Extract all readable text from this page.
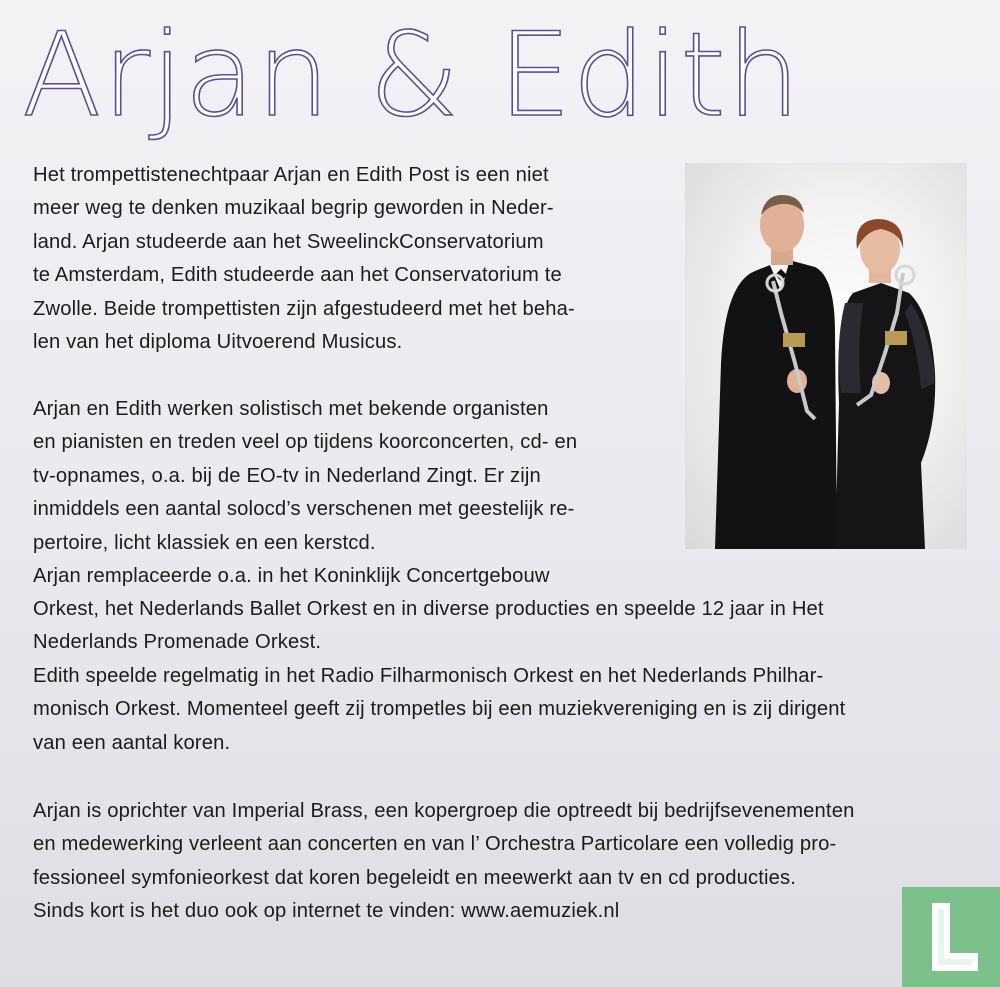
Arjan & Edith
Het trompettistenechtpaar Arjan en Edith Post is een niet
meer weg te denken muzikaal begrip geworden in Neder-
land. Arjan studeerde aan het SweelinckConservatorium
te Amsterdam, Edith studeerde aan het Conservatorium te
Zwolle. Beide trompettisten zijn afgestudeerd met het beha-
len van het diploma Uitvoerend Musicus.
Arjan en Edith werken solistisch met bekende organisten
en pianisten en treden veel op tijdens koorconcerten, cd- en
tv-opnames, o.a. bij de EO-tv in Nederland Zingt. Er zijn
inmiddels een aantal solocd’s verschenen met geestelijk re-
pertoire, licht klassiek en een kerstcd.
Arjan remplaceerde o.a. in het Koninklijk Concertgebouw
Orkest, het Nederlands Ballet Orkest en in diverse producties en speelde 12 jaar in Het
Nederlands Promenade Orkest.
Edith speelde regelmatig in het Radio Filharmonisch Orkest en het Nederlands Philhar-
monisch Orkest. Momenteel geeft zij trompetles bij een muziekvereniging en is zij dirigent
van een aantal koren.
Arjan is oprichter van Imperial Brass, een kopergroep die optreedt bij bedrijfsevenementen
en medewerking verleent aan concerten en van l’ Orchestra Particolare een volledig pro-
fessioneel symfonieorkest dat koren begeleidt en meewerkt aan tv en cd producties.
Sinds kort is het duo ook op internet te vinden: www.aemuziek.nl
